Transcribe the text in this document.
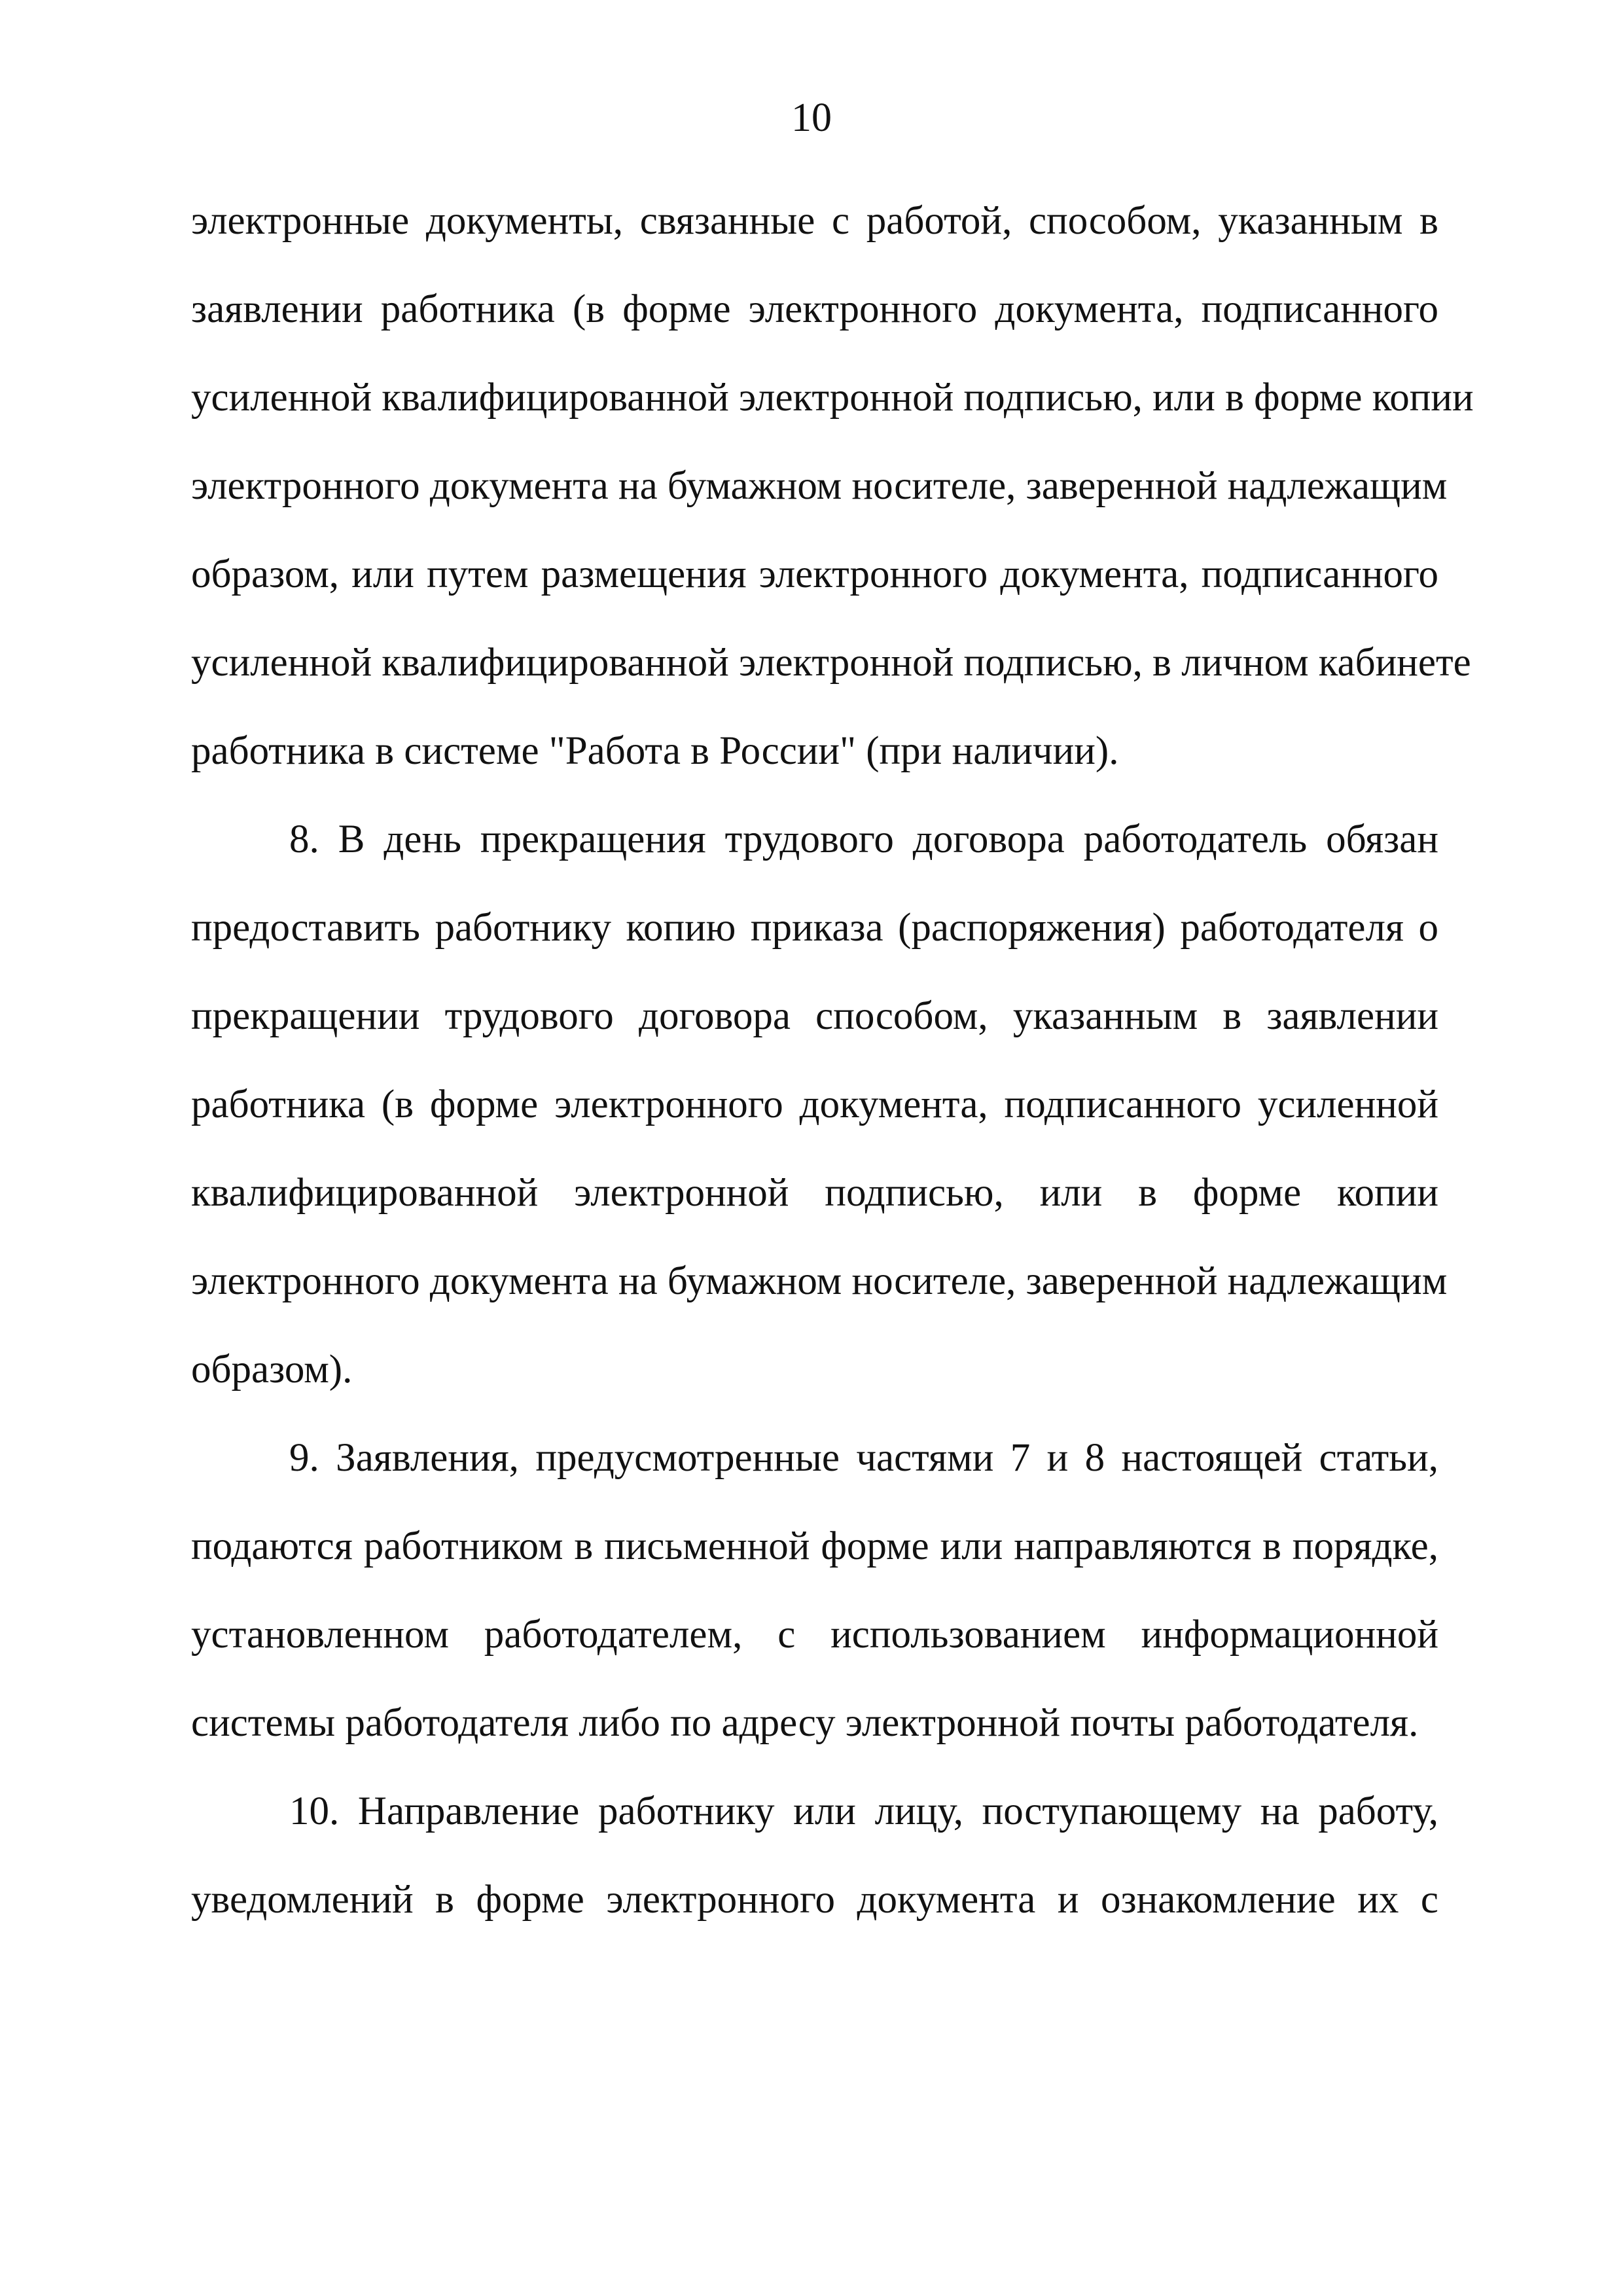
10
электронные документы, связанные с работой, способом, указанным в
заявлении работника (в форме электронного документа, подписанного
усиленной квалифицированной электронной подписью, или в форме копии
электронного документа на бумажном носителе, заверенной надлежащим
образом, или путем размещения электронного документа, подписанного
усиленной квалифицированной электронной подписью, в личном кабинете
работника в системе "Работа в России" (при наличии).
8. В день прекращения трудового договора работодатель обязан
предоставить работнику копию приказа (распоряжения) работодателя о
прекращении трудового договора способом, указанным в заявлении
работника (в форме электронного документа, подписанного усиленной
квалифицированной электронной подписью, или в форме копии
электронного документа на бумажном носителе, заверенной надлежащим
образом).
9. Заявления, предусмотренные частями 7 и 8 настоящей статьи,
подаются работником в письменной форме или направляются в порядке,
установленном работодателем, с использованием информационной
системы работодателя либо по адресу электронной почты работодателя.
10. Направление работнику или лицу, поступающему на работу,
уведомлений в форме электронного документа и ознакомление их с
